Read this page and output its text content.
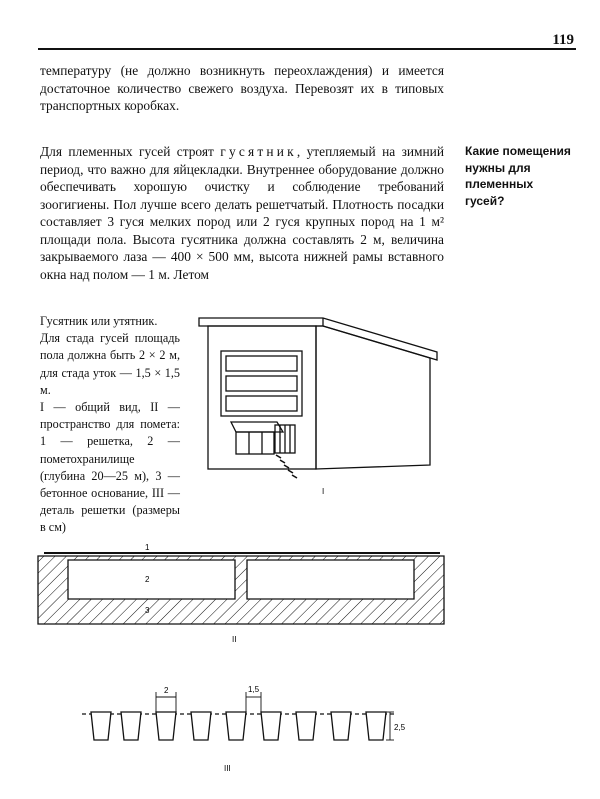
119
температуру (не должно возникнуть переохлаждения) и имеется достаточное количество свежего воздуха. Перевозят их в типовых транспортных коробках.
Для племенных гусей строят гусятник, утепляемый на зимний период, что важно для яйцекладки. Внутреннее оборудование должно обеспечивать хорошую очистку и соблюдение требований зоогигиены. Пол лучше всего делать решетчатый. Плотность посадки составляет 3 гуся мелких пород или 2 гуся крупных пород на 1 м² площади пола. Высота гусятника должна составлять 2 м, величина закрываемого лаза — 400 × 500 мм, высота нижней рамы вставного окна над полом — 1 м. Летом
Какие помещения нужны для племенных гусей?
Гусятник или утятник.
Для стада гусей площадь пола должна быть 2 × 2 м, для стада уток — 1,5 × 1,5 м.
I — общий вид, II — пространство для помета: 1 — решетка, 2 — пометохранилище (глубина 20—25 м), 3 — бетонное основание, III — деталь решетки (размеры в см)
I
1
2
3
II
2	1,5
2,5
III
